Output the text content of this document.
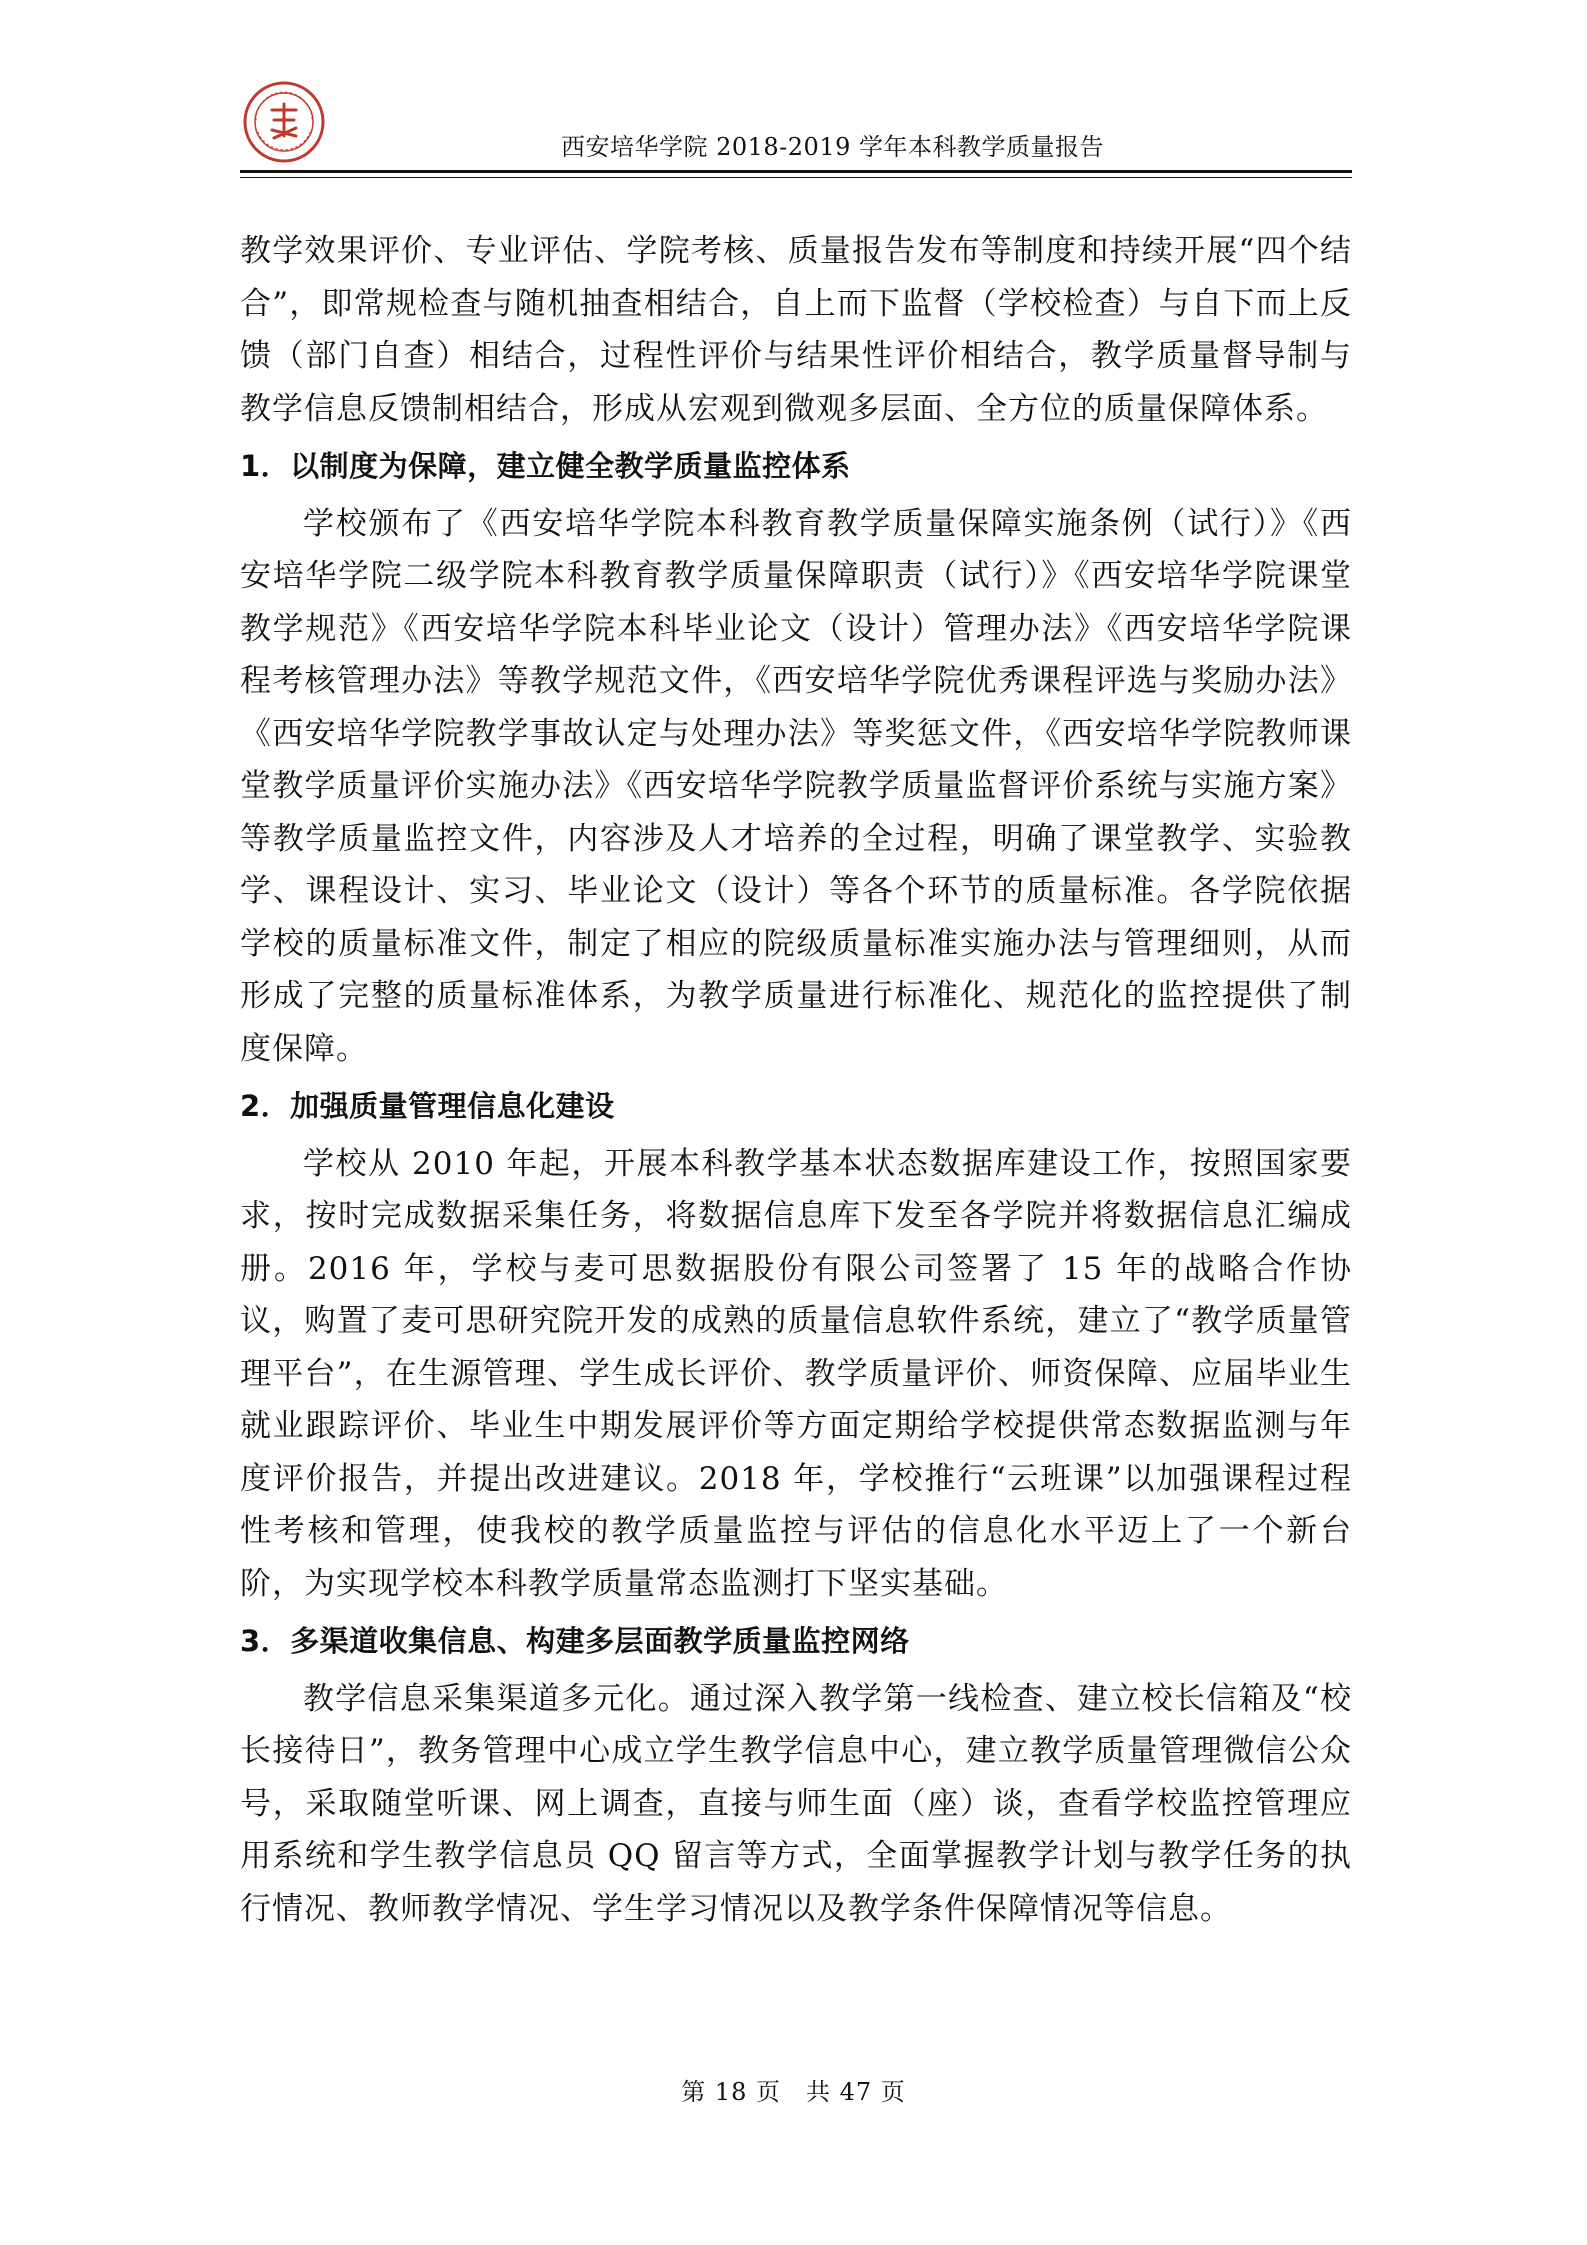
西安培华学院 2018-2019 学年本科教学质量报告

教学效果评价、专业评估、学院考核、质量报告发布等制度和持续开展“四个结合”，即常规检查与随机抽查相结合，自上而下监督（学校检查）与自下而上反馈（部门自查）相结合，过程性评价与结果性评价相结合，教学质量督导制与教学信息反馈制相结合，形成从宏观到微观多层面、全方位的质量保障体系。

1．以制度为保障，建立健全教学质量监控体系

学校颁布了《西安培华学院本科教育教学质量保障实施条例（试行）》《西安培华学院二级学院本科教育教学质量保障职责（试行）》《西安培华学院课堂教学规范》《西安培华学院本科毕业论文（设计）管理办法》《西安培华学院课程考核管理办法》等教学规范文件，《西安培华学院优秀课程评选与奖励办法》《西安培华学院教学事故认定与处理办法》等奖惩文件，《西安培华学院教师课堂教学质量评价实施办法》《西安培华学院教学质量监督评价系统与实施方案》等教学质量监控文件，内容涉及人才培养的全过程，明确了课堂教学、实验教学、课程设计、实习、毕业论文（设计）等各个环节的质量标准。各学院依据学校的质量标准文件，制定了相应的院级质量标准实施办法与管理细则，从而形成了完整的质量标准体系，为教学质量进行标准化、规范化的监控提供了制度保障。

2．加强质量管理信息化建设

学校从 2010 年起，开展本科教学基本状态数据库建设工作，按照国家要求，按时完成数据采集任务，将数据信息库下发至各学院并将数据信息汇编成册。2016 年，学校与麦可思数据股份有限公司签署了 15 年的战略合作协议，购置了麦可思研究院开发的成熟的质量信息软件系统，建立了“教学质量管理平台”，在生源管理、学生成长评价、教学质量评价、师资保障、应届毕业生就业跟踪评价、毕业生中期发展评价等方面定期给学校提供常态数据监测与年度评价报告，并提出改进建议。2018 年，学校推行“云班课”以加强课程过程性考核和管理，使我校的教学质量监控与评估的信息化水平迈上了一个新台阶，为实现学校本科教学质量常态监测打下坚实基础。

3．多渠道收集信息、构建多层面教学质量监控网络

教学信息采集渠道多元化。通过深入教学第一线检查、建立校长信箱及“校长接待日”，教务管理中心成立学生教学信息中心，建立教学质量管理微信公众号，采取随堂听课、网上调查，直接与师生面（座）谈，查看学校监控管理应用系统和学生教学信息员 QQ 留言等方式，全面掌握教学计划与教学任务的执行情况、教师教学情况、学生学习情况以及教学条件保障情况等信息。

第 18 页　共 47 页
